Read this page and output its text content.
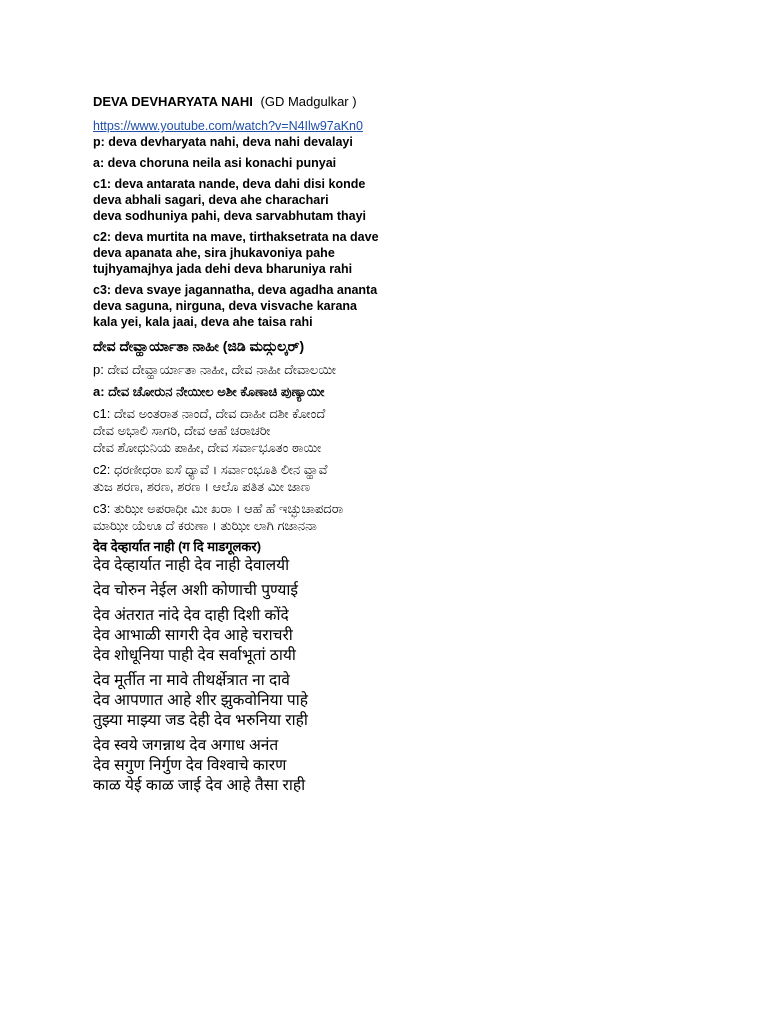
DEVA DEVHARYATA NAHI (GD Madgulkar )
https://www.youtube.com/watch?v=N4Ilw97aKn0
p: deva devharyata nahi, deva nahi devalayi
a: deva choruna neila asi konachi punyai
c1: deva antarata nande, deva dahi disi konde
deva abhali sagari, deva ahe charachari
deva sodhuniya pahi, deva sarvabhutam thayi
c2: deva murtita na mave, tirthaksetrata na dave
deva apanata ahe, sira jhukavoniya pahe
tujhyamajhya jada dehi deva bharuniya rahi
c3: deva svaye jagannatha, deva agadha ananta
deva saguna, nirguna, deva visvache karana
kala yei, kala jaai, deva ahe taisa rahi
ದೇವ ದೇವ್ಹಾರ್ಯಾತಾ ನಾಹೀ (ಜಿಡಿ ಮದ್ಗುಲ್ಕರ್)
p: ದೇವ ದೇವ್ಹಾರ್ಯಾತಾ ನಾಹೀ, ದೇವ ನಾಹೀ ದೇವಾಲಯೀ
a: ದೇವ ಚೋರುನ ನೇಯೀಲ ಅಶೀ ಕೊಣಾಚಿ ಪುಣ್ಯಾಯೀ
c1: ದೇವ ಅಂತರಾತ ನಾಂದೆ, ದೇವ ದಾಹೀ ದಶೀ ಕೋಂದೆ
ದೇವ ಅಭಾಲಿ ಸಾಗರಿ, ದೇವ ಆಹೆ ಚರಾಚರೀ
ದೇವ ಶೋಧುನಿಯ ಪಾಹೀ, ದೇವ ಸರ್ವಾಭೂತಂ ಠಾಯೀ
c2: ಧರಣೀಧರಾ ಐಸೆ ಧ್ಯಾವೆ । ಸರ್ವಾಂಭೂತಿ ಲೀನ ವ್ಹಾವೆ
ತುಜ ಶರಣ, ಶರಣ, ಶರಣ । ಆಲೊ ಪತಿತ ಮೀ ಜಾಣ
c3: ತುಝೀ ಅಪರಾಧೀ ಮೀ ಖರಾ । ಆಹೆ ಹೆ ಇಚ್ಛುಚಾಪದರಾ
ಮಾಝೀ ಯೆಊ ದೆ ಕರುಣಾ । ತುಝೀ ಲಾಗಿ ಗಜಾನನಾ
देव देव्हार्यात नाही (ग दि माडगूलकर)
देव देव्हार्यात नाही देव नाही देवालयी
देव चोरुन नेईल अशी कोणाची पुण्याई
देव अंतरात नांदे देव दाही दिशी कोंदे
देव आभाळी सागरी देव आहे चराचरी
देव शोधूनिया पाही देव सर्वाभूतां ठायी
देव मूर्तीत ना मावे तीथर्क्षेत्रात ना दावे
देव आपणात आहे शीर झुकवोनिया पाहे
तुझ्या माझ्या जड देही देव भरुनिया राही
देव स्वये जगन्नाथ देव अगाध अनंत
देव सगुण निर्गुण देव विश्वाचे कारण
काळ येई काळ जाई देव आहे तैसा राही
